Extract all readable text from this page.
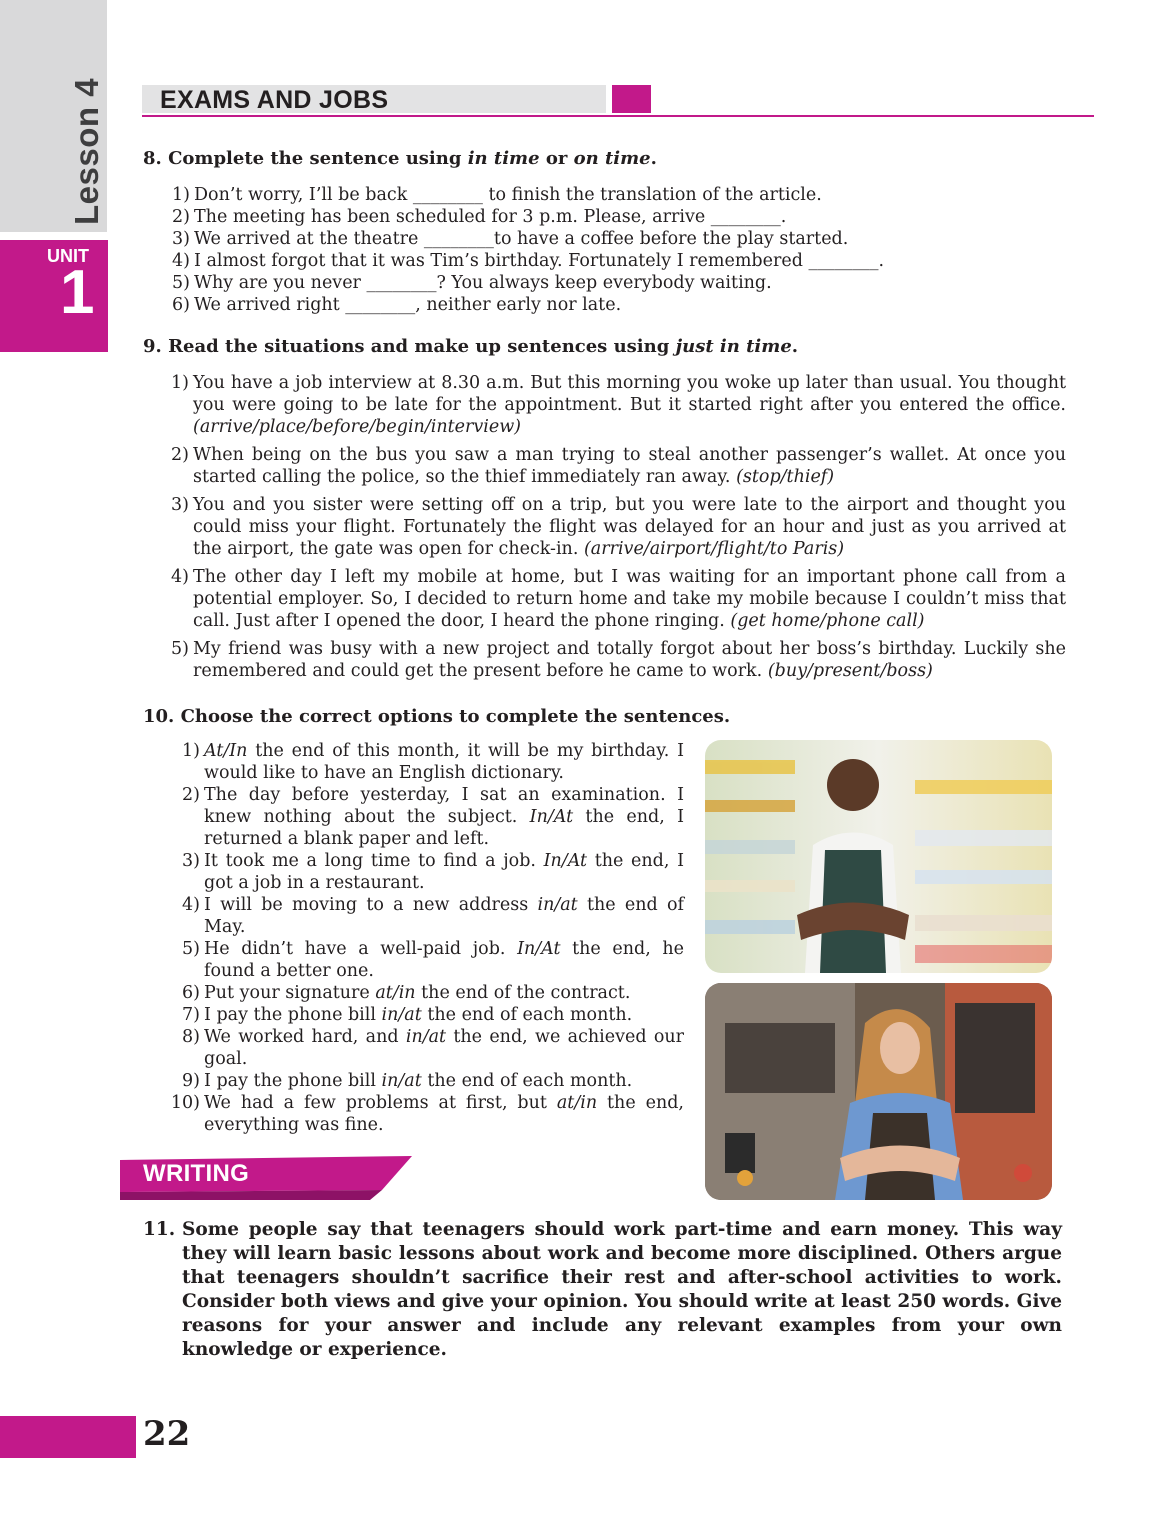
Lesson 4
UNIT
1
EXAMS AND JOBS
8. Complete the sentence using in time or on time.
1) Don’t worry, I’ll be back ________ to finish the translation of the article.
2) The meeting has been scheduled for 3 p.m. Please, arrive ________.
3) We arrived at the theatre ________to have a coffee before the play started.
4) I almost forgot that it was Tim’s birthday. Fortunately I remembered ________.
5) Why are you never ________? You always keep everybody waiting.
6) We arrived right ________, neither early nor late.
9. Read the situations and make up sentences using just in time.
1) You have a job interview at 8.30 a.m. But this morning you woke up later than usual. You thought you were going to be late for the appointment. But it started right after you entered the office. (arrive/place/before/begin/interview)
2) When being on the bus you saw a man trying to steal another passenger’s wallet. At once you started calling the police, so the thief immediately ran away. (stop/thief)
3) You and you sister were setting off on a trip, but you were late to the airport and thought you could miss your flight. Fortunately the flight was delayed for an hour and just as you arrived at the airport, the gate was open for check-in. (arrive/airport/flight/to Paris)
4) The other day I left my mobile at home, but I was waiting for an important phone call from a potential employer. So, I decided to return home and take my mobile because I couldn’t miss that call. Just after I opened the door, I heard the phone ringing. (get home/phone call)
5) My friend was busy with a new project and totally forgot about her boss’s birthday. Luckily she remembered and could get the present before he came to work. (buy/present/boss)
10. Choose the correct options to complete the sentences.
1) At/In the end of this month, it will be my birthday. I would like to have an English dictionary.
2) The day before yesterday, I sat an examination. I knew nothing about the subject. In/At the end, I returned a blank paper and left.
3) It took me a long time to find a job. In/At the end, I got a job in a restaurant.
4) I will be moving to a new address in/at the end of May.
5) He didn’t have a well-paid job. In/At the end, he found a better one.
6) Put your signature at/in the end of the contract.
7) I pay the phone bill in/at the end of each month.
8) We worked hard, and in/at the end, we achieved our goal.
9) I pay the phone bill in/at the end of each month.
10) We had a few problems at first, but at/in the end, everything was fine.
WRITING
11. Some people say that teenagers should work part-time and earn money. This way they will learn basic lessons about work and become more disciplined. Others argue that teenagers shouldn’t sacrifice their rest and after-school activities to work. Consider both views and give your opinion. You should write at least 250 words. Give reasons for your answer and include any relevant examples from your own knowledge or experience.
22
